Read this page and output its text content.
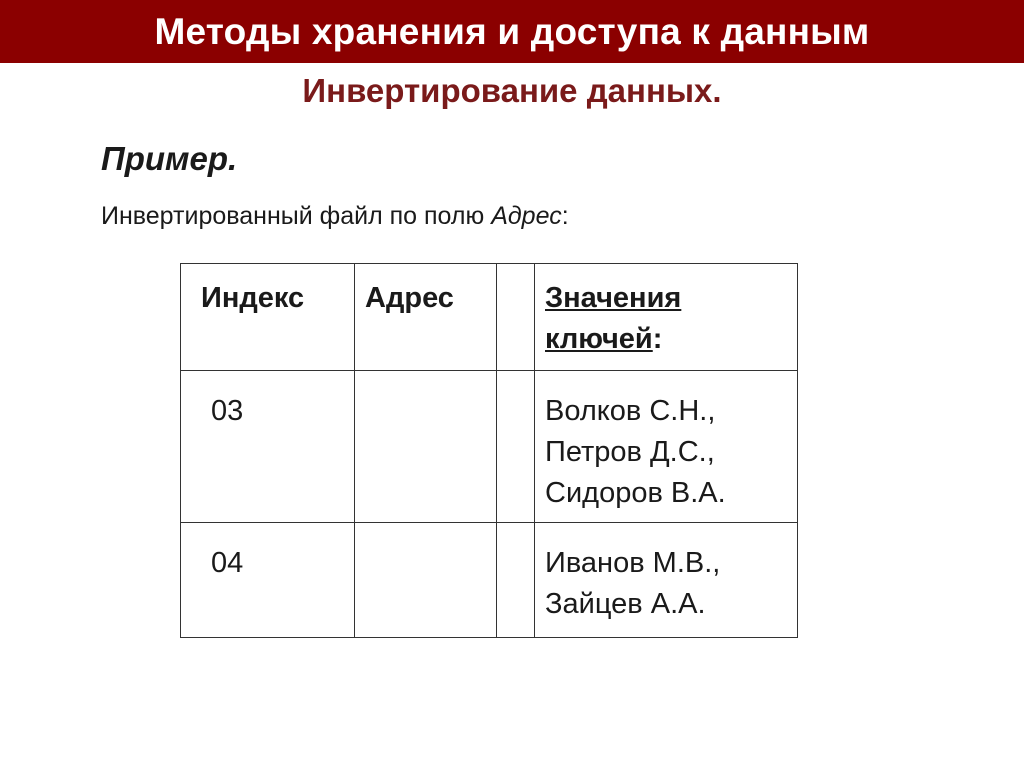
Методы хранения и доступа к данным
Инвертирование данных.
Пример.
Инвертированный файл по полю Адрес:
Индекс	Адрес		Значения
ключей:

03			Волков С.Н.,
Петров Д.С.,
Сидоров В.А.

04			Иванов М.В.,
Зайцев А.А.
